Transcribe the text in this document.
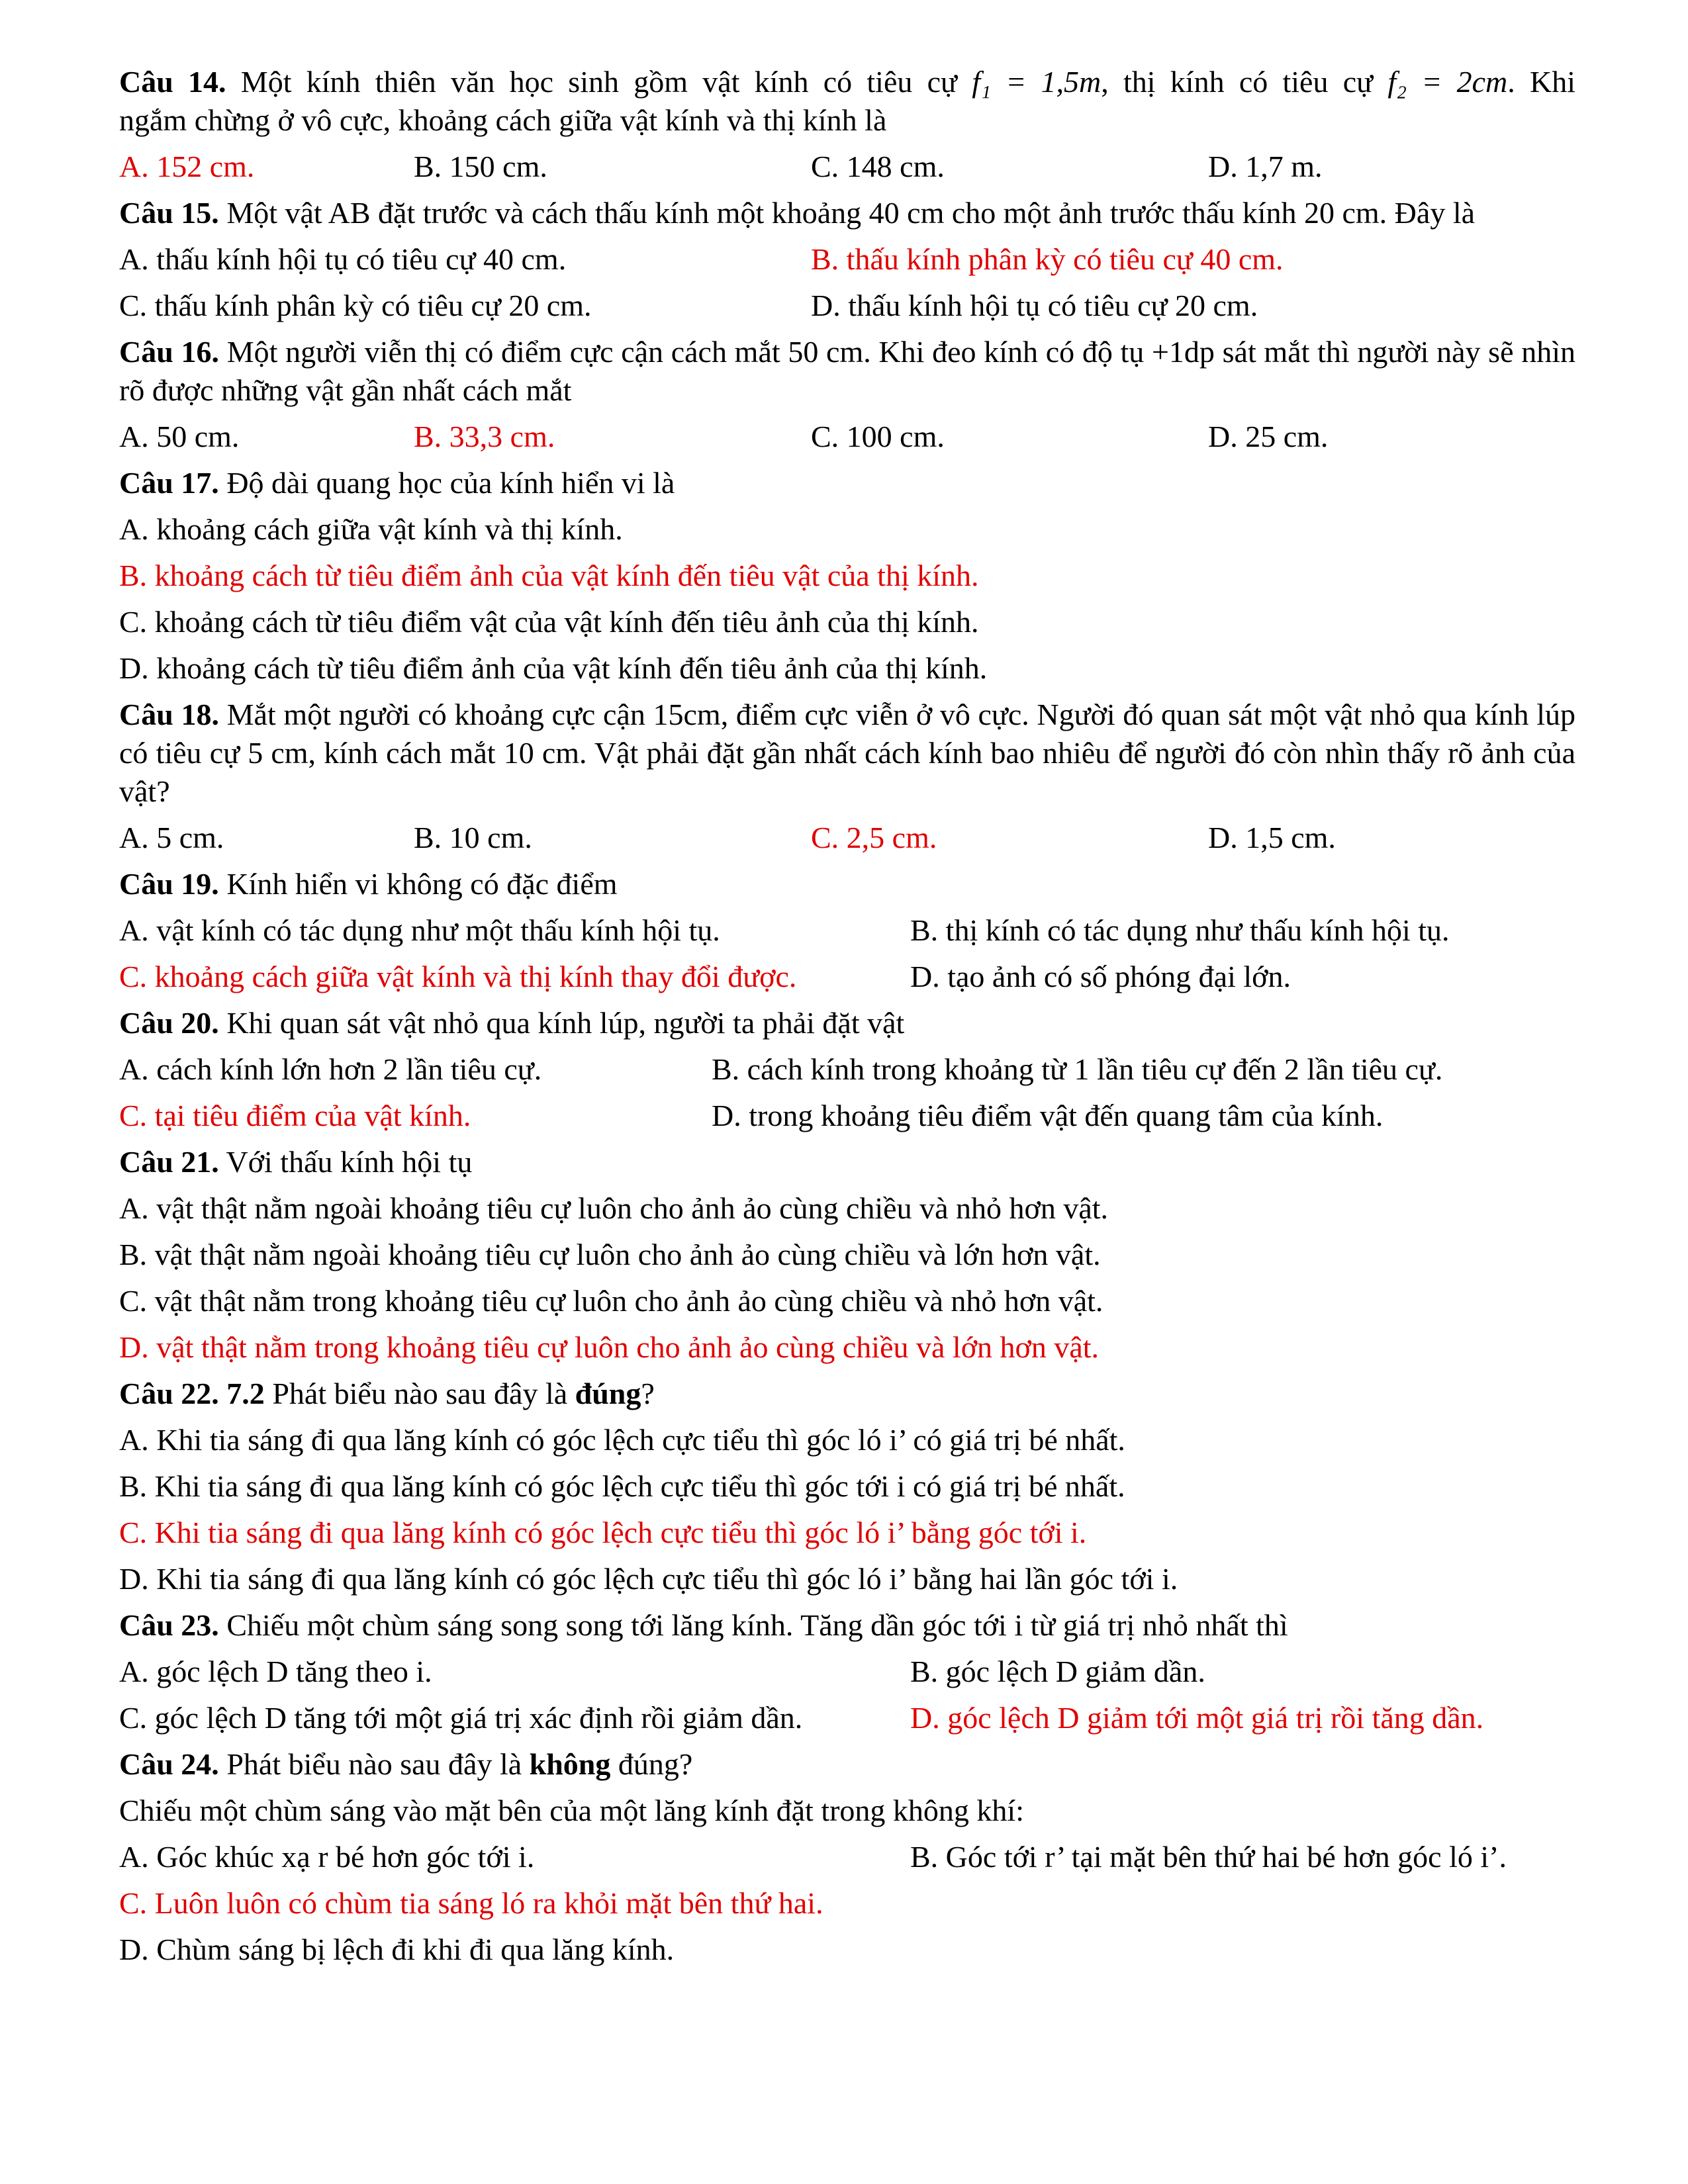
Câu 14. Một kính thiên văn học sinh gồm vật kính có tiêu cự f₁ = 1,5m, thị kính có tiêu cự f₂ = 2cm. Khi
ngắm chừng ở vô cực, khoảng cách giữa vật kính và thị kính là
A. 152 cm.	B. 150 cm.	C. 148 cm.	D. 1,7 m.
Câu 15. Một vật AB đặt trước và cách thấu kính một khoảng 40 cm cho một ảnh trước thấu kính 20 cm. Đây là
A. thấu kính hội tụ có tiêu cự 40 cm.	B. thấu kính phân kỳ có tiêu cự 40 cm.
C. thấu kính phân kỳ có tiêu cự 20 cm.	D. thấu kính hội tụ có tiêu cự 20 cm.
Câu 16. Một người viễn thị có điểm cực cận cách mắt 50 cm. Khi đeo kính có độ tụ +1dp sát mắt thì người này sẽ nhìn rõ được những vật gần nhất cách mắt
A. 50 cm.	B. 33,3 cm.	C. 100 cm.	D. 25 cm.
Câu 17. Độ dài quang học của kính hiển vi là
A. khoảng cách giữa vật kính và thị kính.
B. khoảng cách từ tiêu điểm ảnh của vật kính đến tiêu vật của thị kính.
C. khoảng cách từ tiêu điểm vật của vật kính đến tiêu ảnh của thị kính.
D. khoảng cách từ tiêu điểm ảnh của vật kính đến tiêu ảnh của thị kính.
Câu 18. Mắt một người có khoảng cực cận 15cm, điểm cực viễn ở vô cực. Người đó quan sát một vật nhỏ qua kính lúp có tiêu cự 5 cm, kính cách mắt 10 cm. Vật phải đặt gần nhất cách kính bao nhiêu để người đó còn nhìn thấy rõ ảnh của vật?
A. 5 cm.	B. 10 cm.	C. 2,5 cm.	D. 1,5 cm.
Câu 19. Kính hiển vi không có đặc điểm
A. vật kính có tác dụng như một thấu kính hội tụ.	B. thị kính có tác dụng như thấu kính hội tụ.
C. khoảng cách giữa vật kính và thị kính thay đổi được.	D. tạo ảnh có số phóng đại lớn.
Câu 20. Khi quan sát vật nhỏ qua kính lúp, người ta phải đặt vật
A. cách kính lớn hơn 2 lần tiêu cự.	B. cách kính trong khoảng từ 1 lần tiêu cự đến 2 lần tiêu cự.
C. tại tiêu điểm của vật kính.	D. trong khoảng tiêu điểm vật đến quang tâm của kính.
Câu 21. Với thấu kính hội tụ
A. vật thật nằm ngoài khoảng tiêu cự luôn cho ảnh ảo cùng chiều và nhỏ hơn vật.
B. vật thật nằm ngoài khoảng tiêu cự luôn cho ảnh ảo cùng chiều và lớn hơn vật.
C. vật thật nằm trong khoảng tiêu cự luôn cho ảnh ảo cùng chiều và nhỏ hơn vật.
D. vật thật nằm trong khoảng tiêu cự luôn cho ảnh ảo cùng chiều và lớn hơn vật.
Câu 22. 7.2 Phát biểu nào sau đây là đúng?
A. Khi tia sáng đi qua lăng kính có góc lệch cực tiểu thì góc ló i’ có giá trị bé nhất.
B. Khi tia sáng đi qua lăng kính có góc lệch cực tiểu thì góc tới i có giá trị bé nhất.
C. Khi tia sáng đi qua lăng kính có góc lệch cực tiểu thì góc ló i’ bằng góc tới i.
D. Khi tia sáng đi qua lăng kính có góc lệch cực tiểu thì góc ló i’ bằng hai lần góc tới i.
Câu 23. Chiếu một chùm sáng song song tới lăng kính. Tăng dần góc tới i từ giá trị nhỏ nhất thì
A. góc lệch D tăng theo i.	B. góc lệch D giảm dần.
C. góc lệch D tăng tới một giá trị xác định rồi giảm dần.	D. góc lệch D giảm tới một giá trị rồi tăng dần.
Câu 24. Phát biểu nào sau đây là không đúng?
Chiếu một chùm sáng vào mặt bên của một lăng kính đặt trong không khí:
A. Góc khúc xạ r bé hơn góc tới i.	B. Góc tới r’ tại mặt bên thứ hai bé hơn góc ló i’.
C. Luôn luôn có chùm tia sáng ló ra khỏi mặt bên thứ hai.
D. Chùm sáng bị lệch đi khi đi qua lăng kính.
